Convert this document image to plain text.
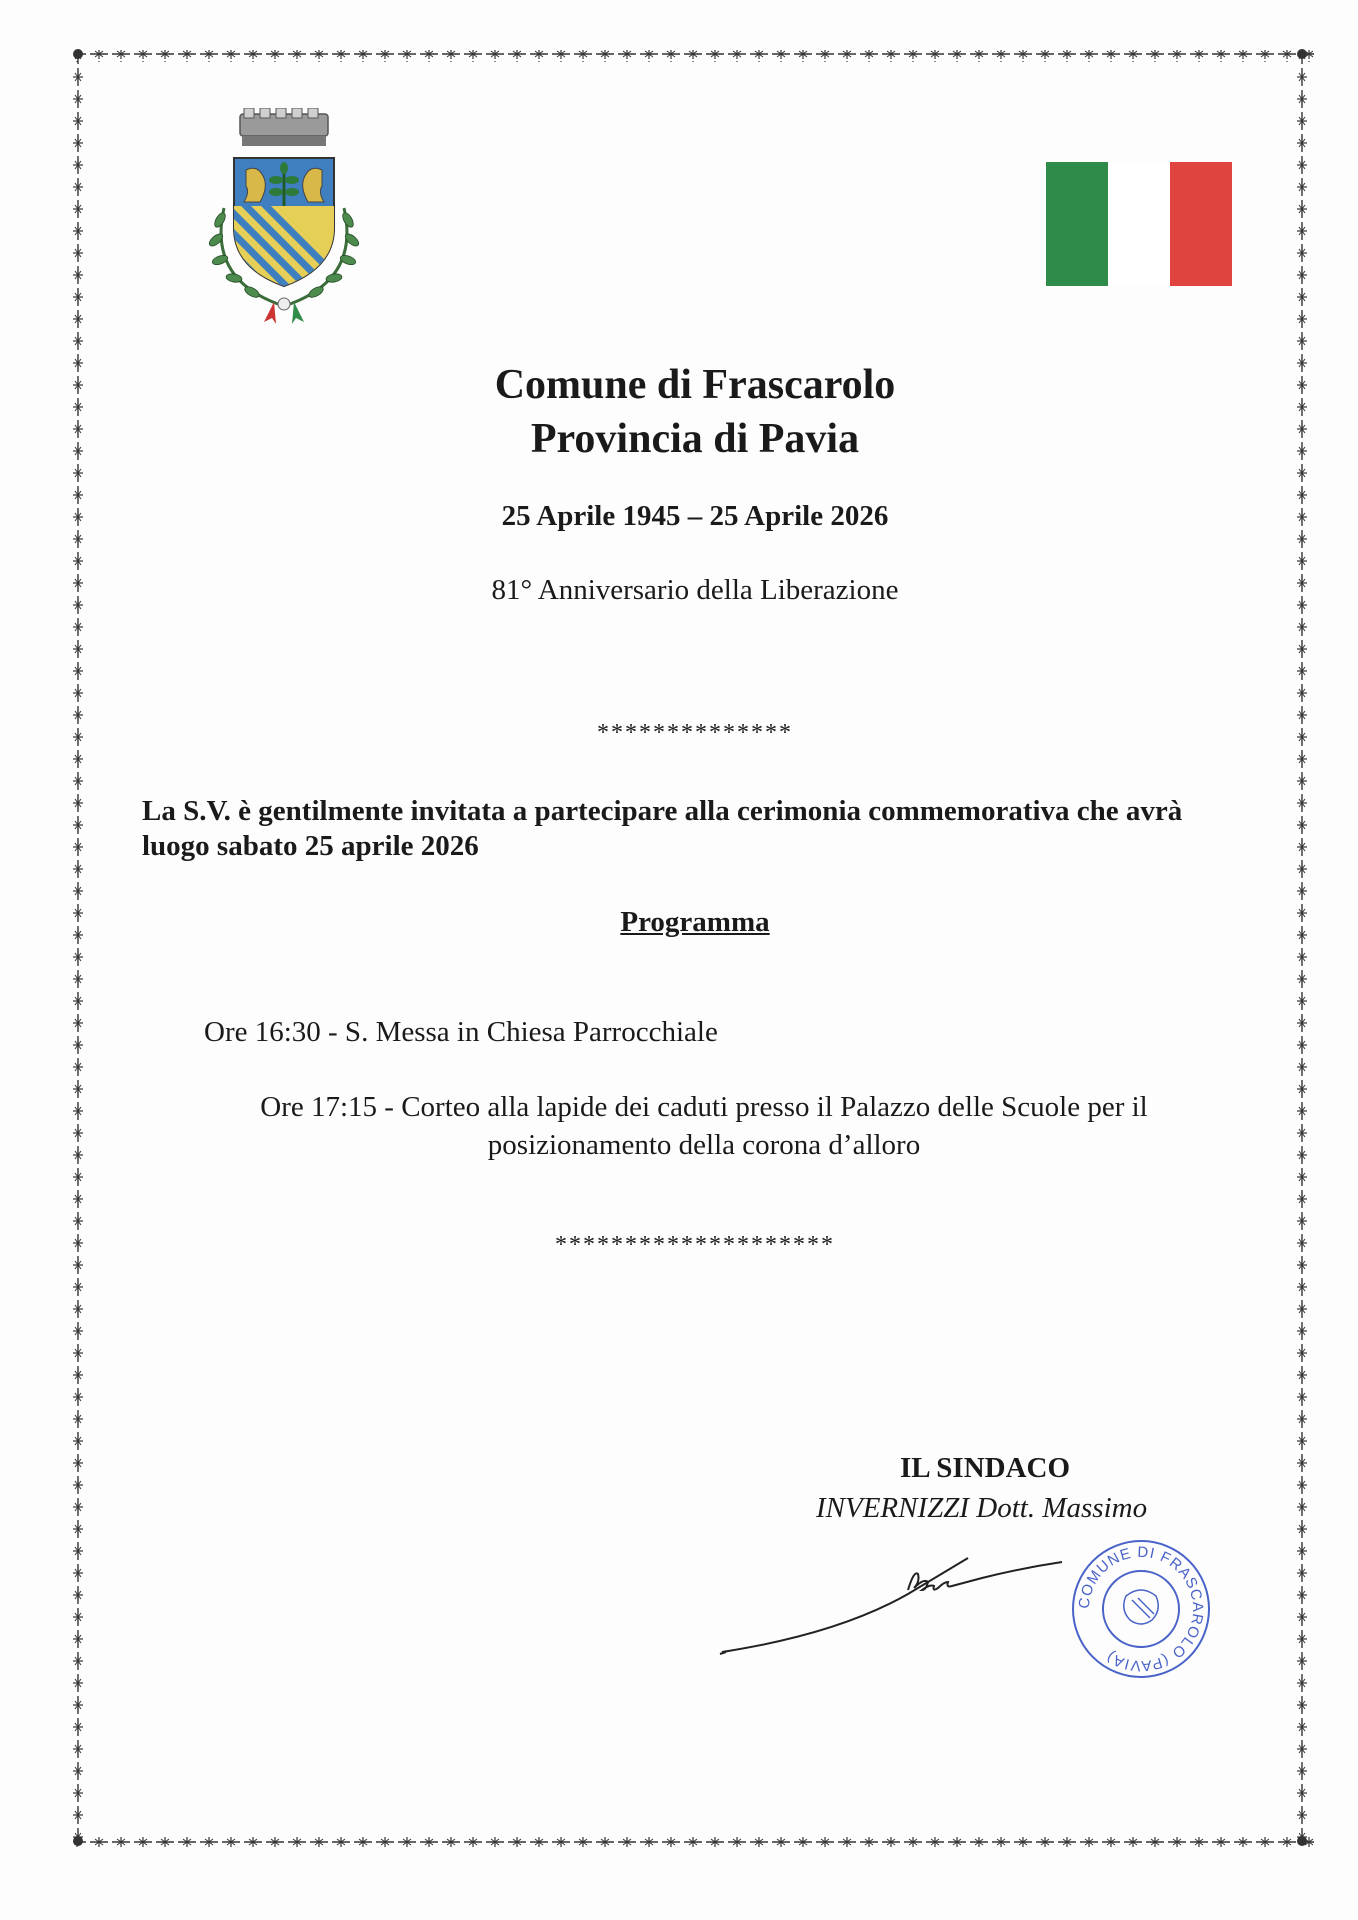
Comune di Frascarolo
Provincia di Pavia
25 Aprile 1945 – 25 Aprile 2026
81° Anniversario della Liberazione
**************
La S.V. è gentilmente invitata a partecipare alla cerimonia commemorativa che avrà luogo sabato 25 aprile 2026
Programma
Ore 16:30 - S. Messa in Chiesa Parrocchiale
Ore 17:15 - Corteo alla lapide dei caduti presso il Palazzo delle Scuole per il posizionamento della corona d’alloro
********************
IL SINDACO
INVERNIZZI Dott. Massimo
COMUNE DI FRASCAROLO (PAVIA)
